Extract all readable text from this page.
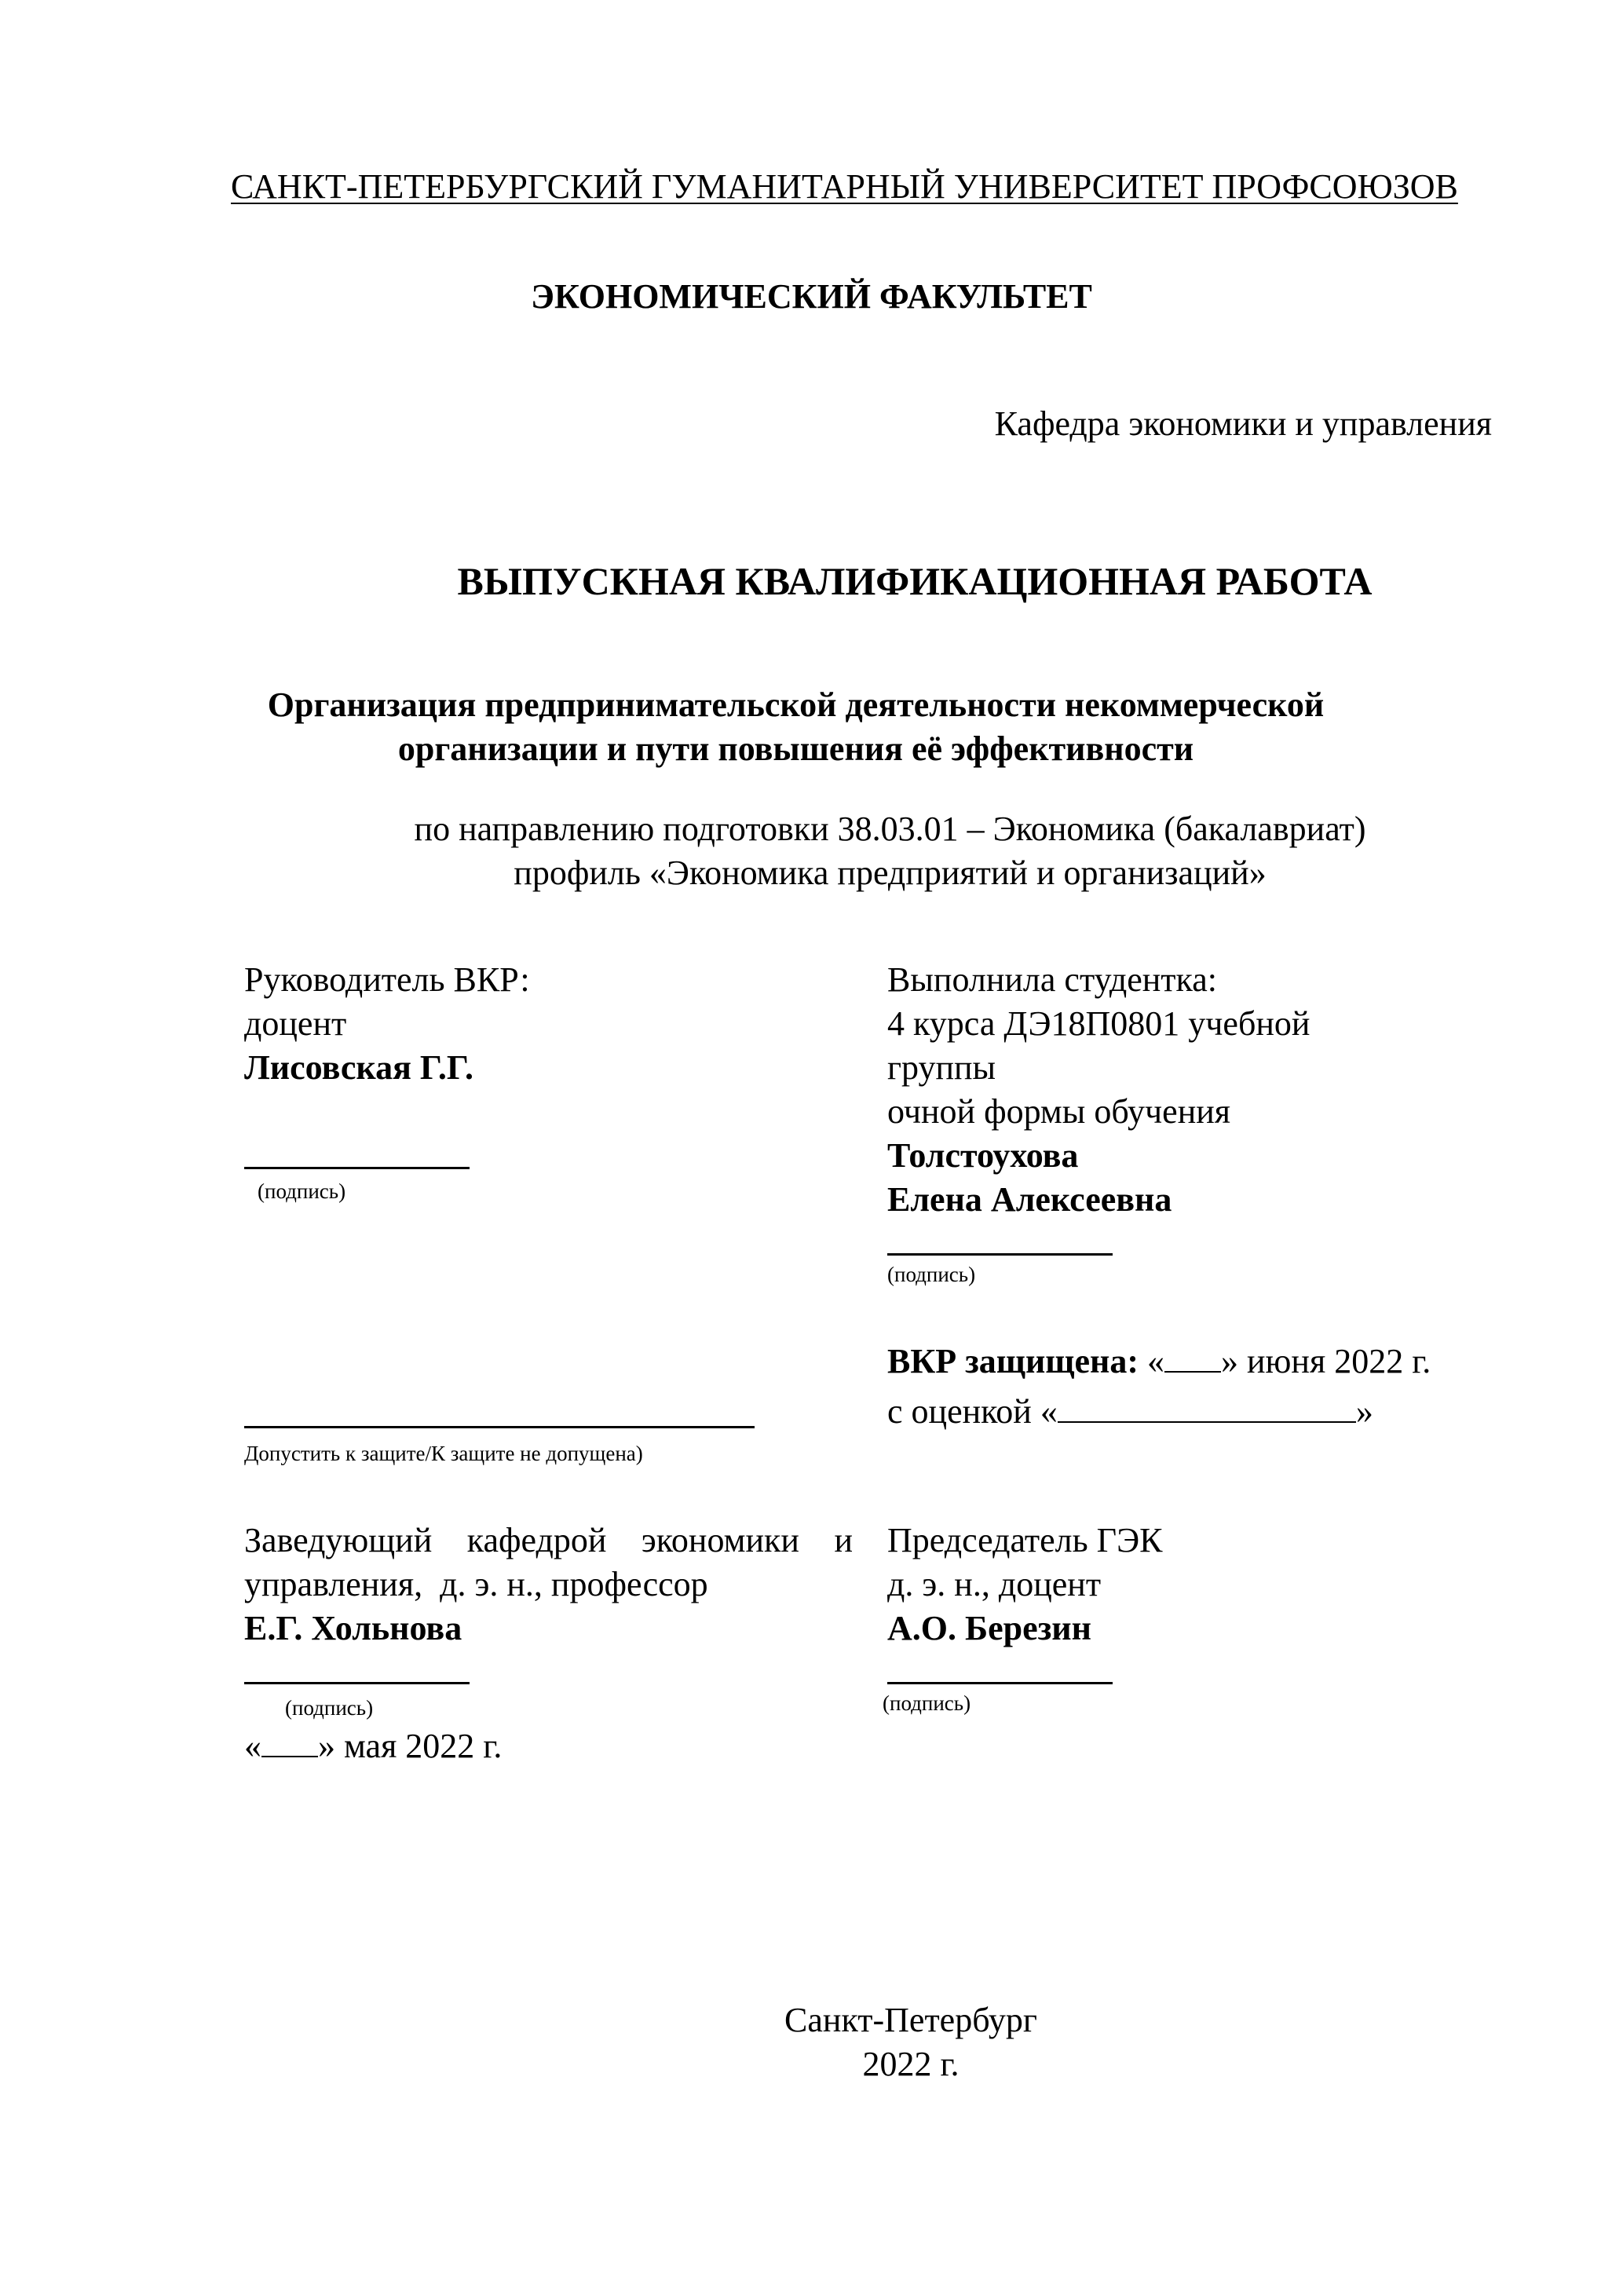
САНКТ-ПЕТЕРБУРГСКИЙ ГУМАНИТАРНЫЙ УНИВЕРСИТЕТ ПРОФСОЮЗОВ

ЭКОНОМИЧЕСКИЙ ФАКУЛЬТЕТ

Кафедра экономики и управления

ВЫПУСКНАЯ КВАЛИФИКАЦИОННАЯ РАБОТА

Организация предпринимательской деятельности некоммерческой

организации и пути повышения её эффективности

по направлению подготовки 38.03.01 – Экономика (бакалавриат)

профиль «Экономика предприятий и организаций»

Руководитель ВКР:

доцент

Лисовская Г.Г.

(подпись)

Выполнила студентка:

4 курса ДЭ18П0801 учебной

группы

очной формы обучения

Толстоухова

Елена Алексеевна

(подпись)

ВКР защищена: « » июня 2022 г.

с оценкой «	»

Допустить к защите/К защите не допущена)

Заведующий кафедрой экономики и

управления,  д. э. н., профессор

Е.Г. Хольнова

(подпись)

« » мая 2022 г.

Председатель ГЭК

д. э. н., доцент

А.О. Березин

(подпись)

Санкт-Петербург

2022 г.
